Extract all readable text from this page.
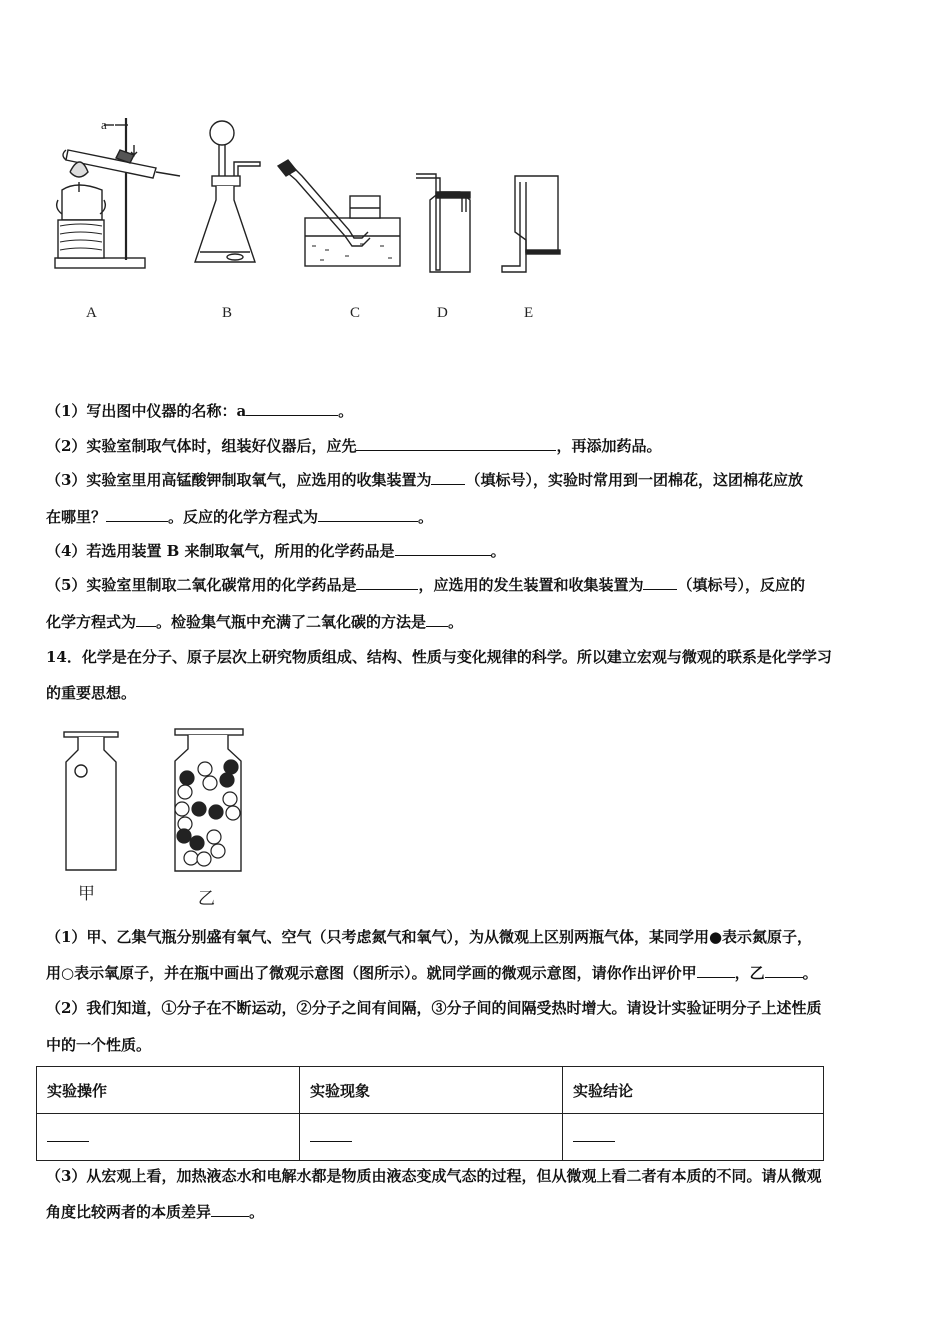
a
A	B	C	D	E
（1）写出图中仪器的名称：a	。
（2）实验室制取气体时，组装好仪器后，应先	，再添加药品。
（3）实验室里用高锰酸钾制取氧气，应选用的收集装置为 （填标号），实验时常用到一团棉花，这团棉花应放
在哪里？	。反应的化学方程式为	。
（4）若选用装置 B 来制取氧气，所用的化学药品是	。
（5）实验室里制取二氧化碳常用的化学药品是	，应选用的发生装置和收集装置为 （填标号），反应的
化学方程式为 。检验集气瓶中充满了二氧化碳的方法是 。
14．化学是在分子、原子层次上研究物质组成、结构、性质与变化规律的科学。所以建立宏观与微观的联系是化学学习
的重要思想。
甲	乙
（1）甲、乙集气瓶分别盛有氧气、空气（只考虑氮气和氧气），为从微观上区别两瓶气体，某同学用●表示氮原子，
用○表示氧原子，并在瓶中画出了微观示意图（图所示）。就同学画的微观示意图，请你作出评价甲	，乙	。
（2）我们知道，①分子在不断运动，②分子之间有间隔，③分子间的间隔受热时增大。请设计实验证明分子上述性质
中的一个性质。
实验操作	实验现象	实验结论

（3）从宏观上看，加热液态水和电解水都是物质由液态变成气态的过程，但从微观上看二者有本质的不同。请从微观
角度比较两者的本质差异	。
